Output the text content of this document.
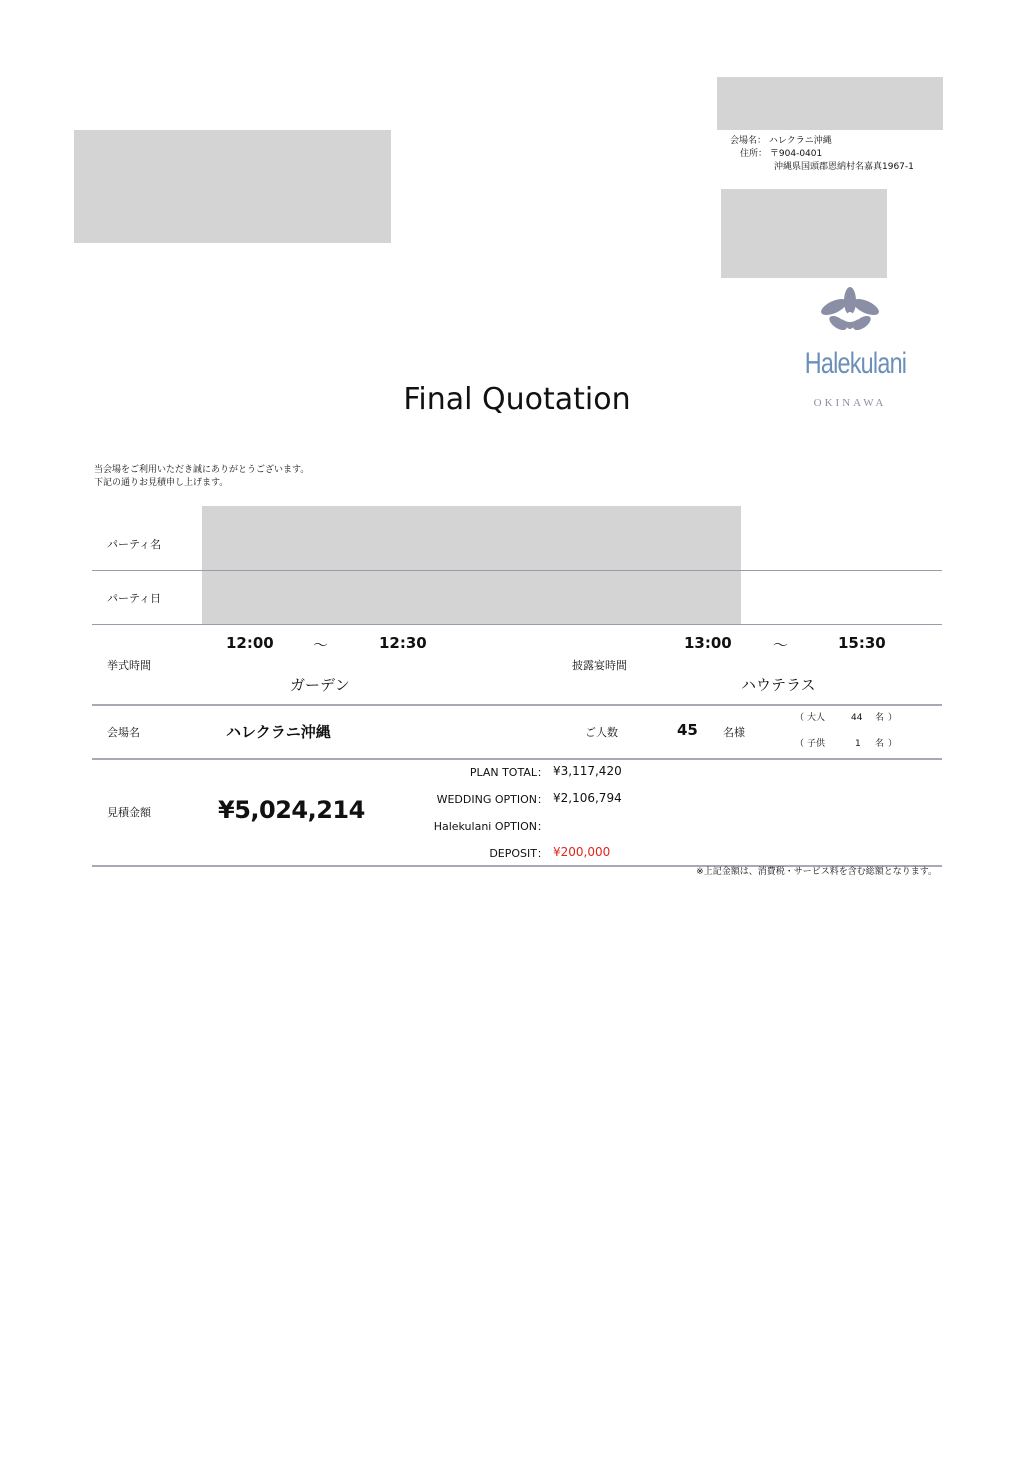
会場名： ハレクラニ沖縄
住所： 〒904-0401
沖縄県国頭郡恩納村名嘉真1967-1
Halekulani
OKINAWA
Final Quotation
当会場をご利用いただき誠にありがとうございます。
下記の通りお見積申し上げます。
パーティ名
パーティ日
12:00	～	12:30
挙式時間
ガーデン
13:00	～	15:30
披露宴時間
ハウテラス
会場名	ハレクラニ沖縄	ご人数	45 名様
（ 大人	44 名 ）
（ 子供	1 名 ）
見積金額	¥5,024,214
PLAN TOTAL： ¥3,117,420
WEDDING OPTION： ¥2,106,794
Halekulani OPTION：
DEPOSIT： ¥200,000
※上記金額は、消費税・サービス料を含む総額となります。
